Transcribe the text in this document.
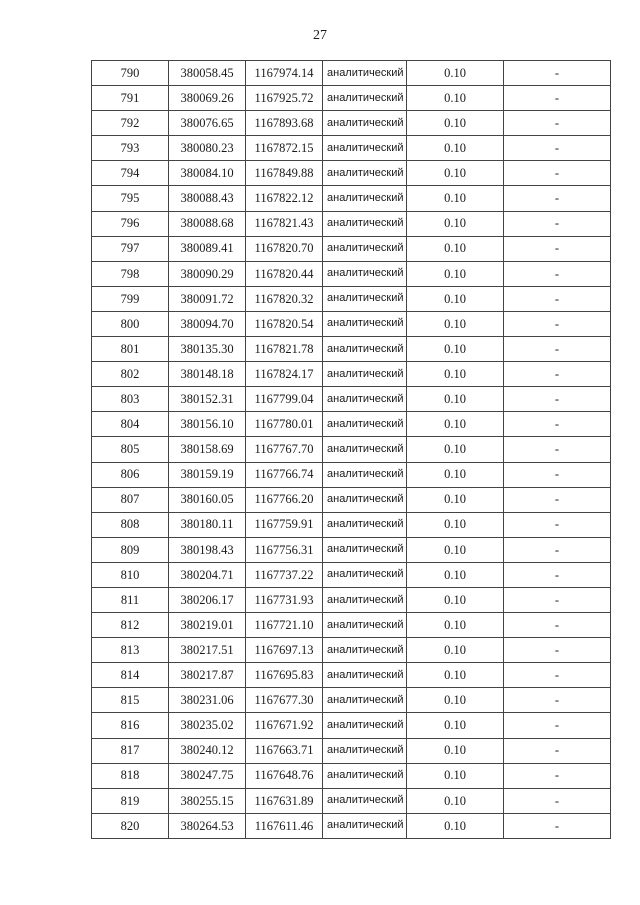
27
790	380058.45	1167974.14	аналитический	0.10	-
791	380069.26	1167925.72	аналитический	0.10	-
792	380076.65	1167893.68	аналитический	0.10	-
793	380080.23	1167872.15	аналитический	0.10	-
794	380084.10	1167849.88	аналитический	0.10	-
795	380088.43	1167822.12	аналитический	0.10	-
796	380088.68	1167821.43	аналитический	0.10	-
797	380089.41	1167820.70	аналитический	0.10	-
798	380090.29	1167820.44	аналитический	0.10	-
799	380091.72	1167820.32	аналитический	0.10	-
800	380094.70	1167820.54	аналитический	0.10	-
801	380135.30	1167821.78	аналитический	0.10	-
802	380148.18	1167824.17	аналитический	0.10	-
803	380152.31	1167799.04	аналитический	0.10	-
804	380156.10	1167780.01	аналитический	0.10	-
805	380158.69	1167767.70	аналитический	0.10	-
806	380159.19	1167766.74	аналитический	0.10	-
807	380160.05	1167766.20	аналитический	0.10	-
808	380180.11	1167759.91	аналитический	0.10	-
809	380198.43	1167756.31	аналитический	0.10	-
810	380204.71	1167737.22	аналитический	0.10	-
811	380206.17	1167731.93	аналитический	0.10	-
812	380219.01	1167721.10	аналитический	0.10	-
813	380217.51	1167697.13	аналитический	0.10	-
814	380217.87	1167695.83	аналитический	0.10	-
815	380231.06	1167677.30	аналитический	0.10	-
816	380235.02	1167671.92	аналитический	0.10	-
817	380240.12	1167663.71	аналитический	0.10	-
818	380247.75	1167648.76	аналитический	0.10	-
819	380255.15	1167631.89	аналитический	0.10	-
820	380264.53	1167611.46	аналитический	0.10	-
